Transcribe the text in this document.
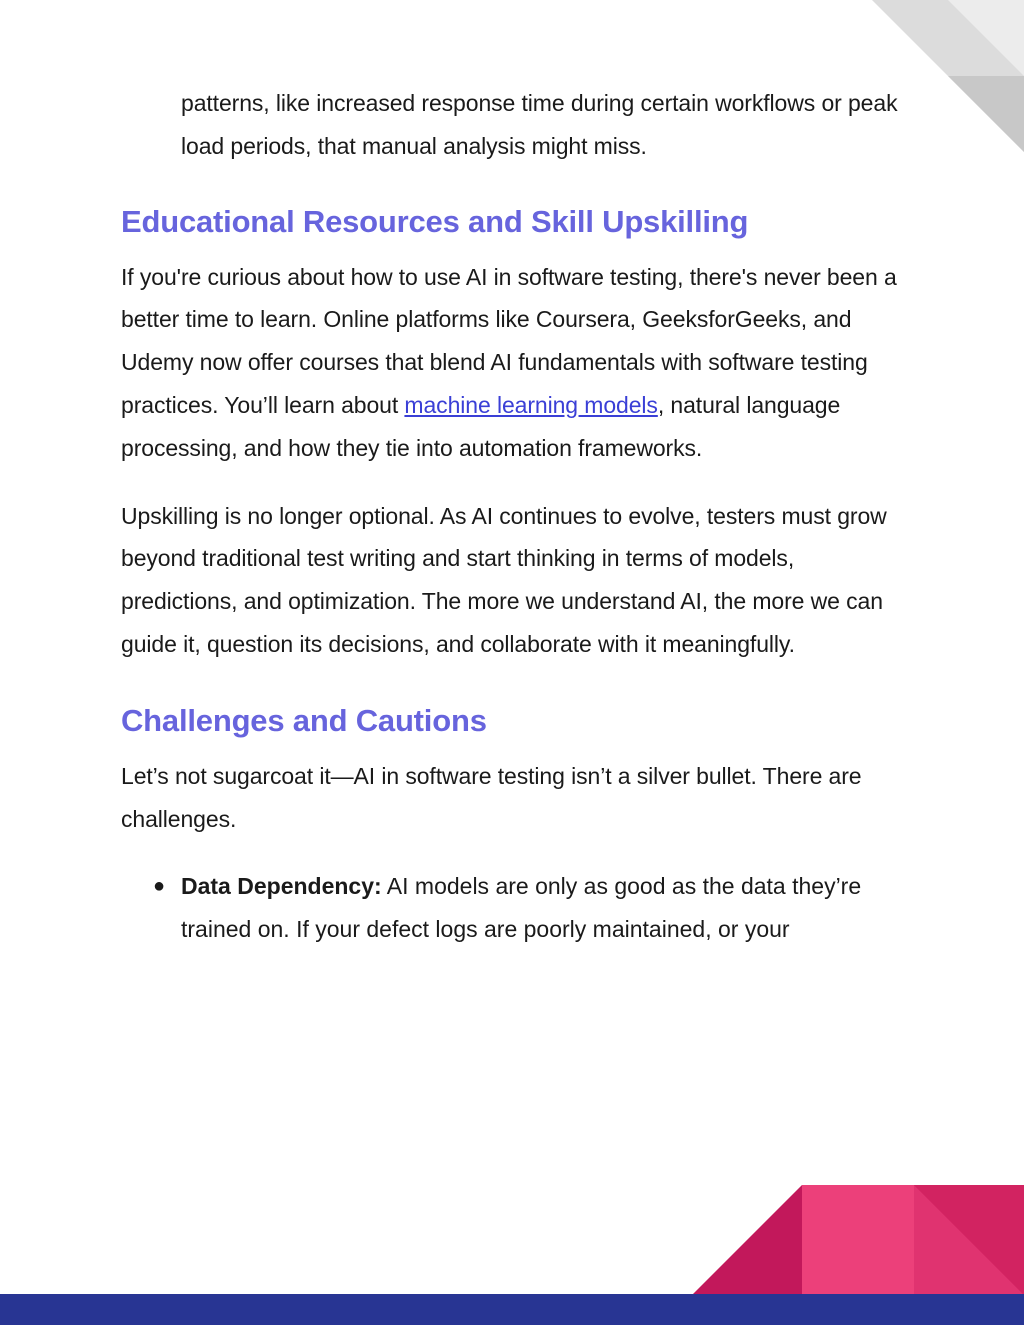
patterns, like increased response time during certain workflows or peak load periods, that manual analysis might miss.

Educational Resources and Skill Upskilling

If you're curious about how to use AI in software testing, there's never been a better time to learn. Online platforms like Coursera, GeeksforGeeks, and Udemy now offer courses that blend AI fundamentals with software testing practices. You’ll learn about machine learning models, natural language processing, and how they tie into automation frameworks.

Upskilling is no longer optional. As AI continues to evolve, testers must grow beyond traditional test writing and start thinking in terms of models, predictions, and optimization. The more we understand AI, the more we can guide it, question its decisions, and collaborate with it meaningfully.

Challenges and Cautions

Let’s not sugarcoat it—AI in software testing isn’t a silver bullet. There are challenges.

● Data Dependency: AI models are only as good as the data they’re trained on. If your defect logs are poorly maintained, or your
